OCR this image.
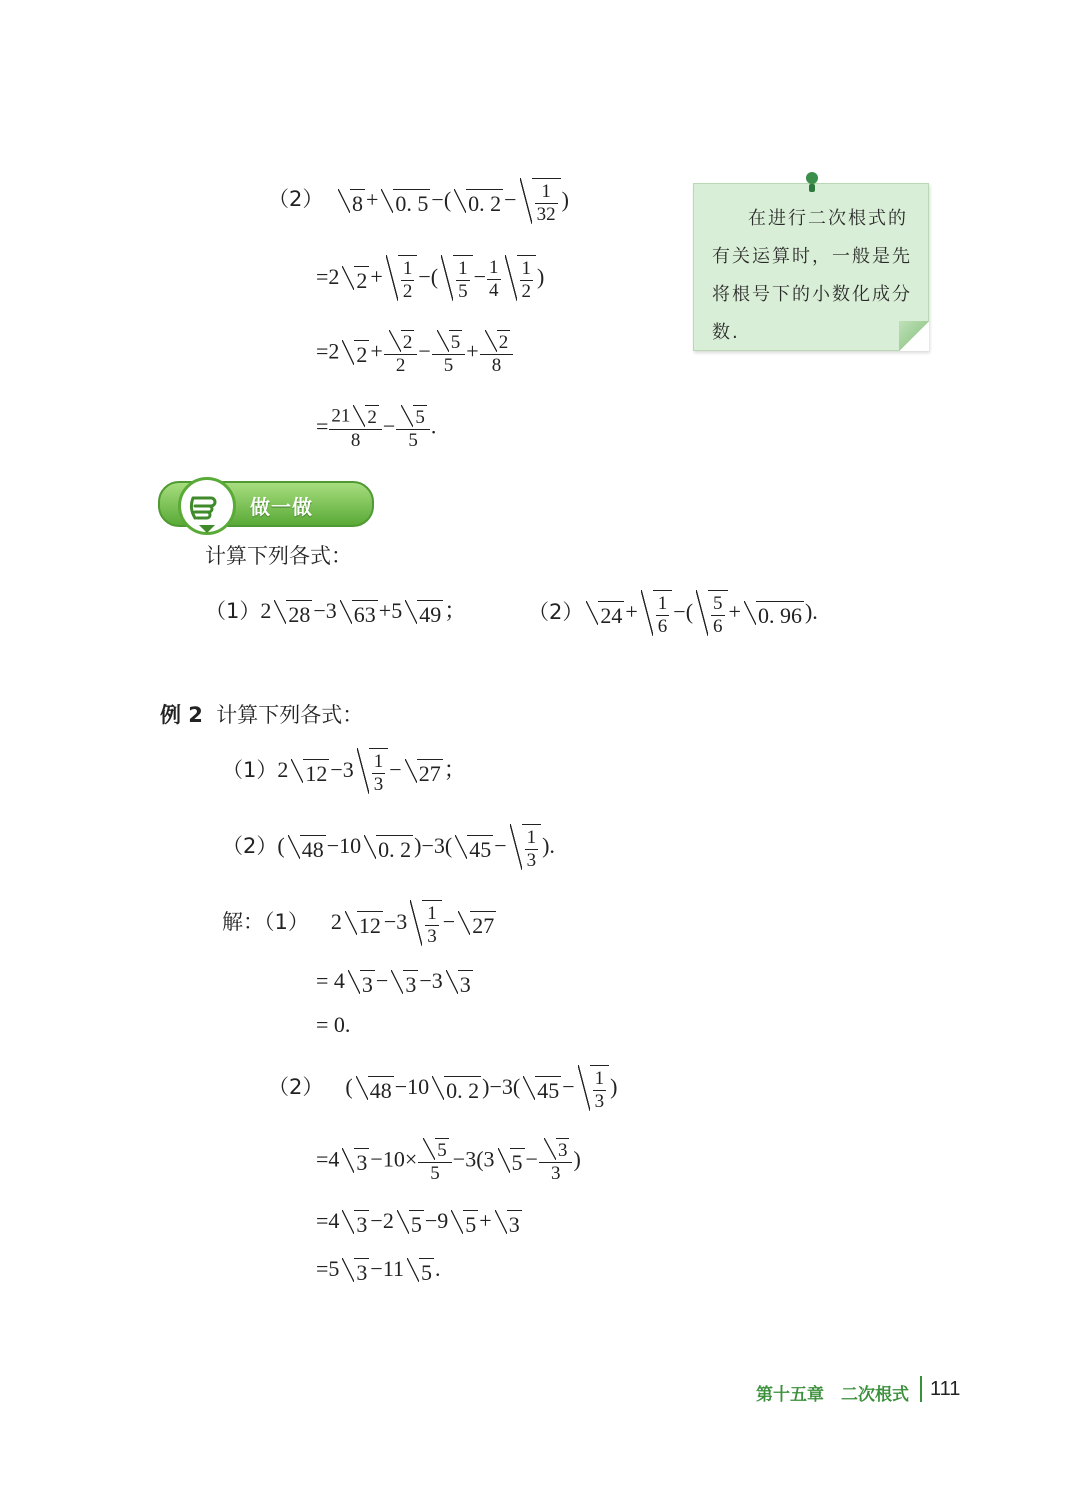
（2）	8 + 0. 5 −( 0. $2 - \frac{1}{32}$ )
=2 $2 + \frac{1}{2}$ −( $\frac{1}{5} - \frac{1}{4} \frac{1}{2}$ )
=2 $2 + \frac{2}{2} - \frac{5}{5} + \frac{2}{8}$
= $\frac{21 2}{8} - \frac{5}{5}$ .
在进行二次根式的有关运算时，一般是先将根号下的小数化成分数.
做一做
计算下列各式：
（1）2 28 −3 63 +5 49 ；	（2） $24 + \frac{1}{6}$ −( $\frac{5}{6} + 0$. 96 ).
例 2 计算下列各式：
（1）2 $12 -3 \frac{1}{3} - 27$ ；
（2）( 48 −10 0. 2 )−3( $45 - \frac{1}{3}$ ).
解：（1） 2 $12 -3 \frac{1}{3} - 27$
= 4 3 − 3 −3 3
= 0.
（2）    ( 48 −10 0. 2 )−3( $45 - \frac{1}{3}$ )
=4 $3 -10\times \frac{5}{5} -3(3$ $5 - \frac{3}{3}$ )
=4 3 −2 5 −9 5 + 3
=5 3 −11 5 .
第十五章　二次根式 111
